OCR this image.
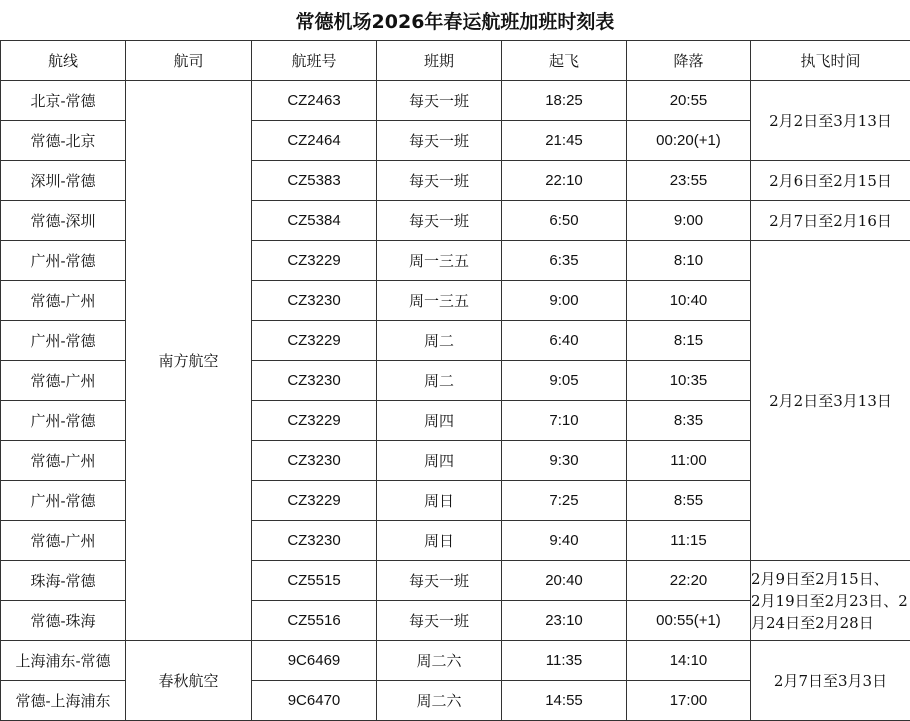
常德机场2026年春运航班加班时刻表
航线	航司	航班号	班期	起飞	降落	执飞时间
北京-常德	南方航空	CZ2463	每天一班	18:25	20:55	2月2日至3月13日
常德-北京		CZ2464	每天一班	21:45	00:20(+1)	
深圳-常德		CZ5383	每天一班	22:10	23:55	2月6日至2月15日
常德-深圳		CZ5384	每天一班	6:50	9:00	2月7日至2月16日
广州-常德		CZ3229	周一三五	6:35	8:10	2月2日至3月13日
常德-广州		CZ3230	周一三五	9:00	10:40	
广州-常德		CZ3229	周二	6:40	8:15	
常德-广州		CZ3230	周二	9:05	10:35	
广州-常德		CZ3229	周四	7:10	8:35	
常德-广州		CZ3230	周四	9:30	11:00	
广州-常德		CZ3229	周日	7:25	8:55	
常德-广州		CZ3230	周日	9:40	11:15	
珠海-常德		CZ5515	每天一班	20:40	22:20	2月9日至2月15日、
2月19日至2月23日、2
月24日至2月28日

常德-珠海		CZ5516	每天一班	23:10	00:55(+1)	
上海浦东-常德	春秋航空	9C6469	周二六	11:35	14:10	2月7日至3月3日
常德-上海浦东		9C6470	周二六	14:55	17:00	
